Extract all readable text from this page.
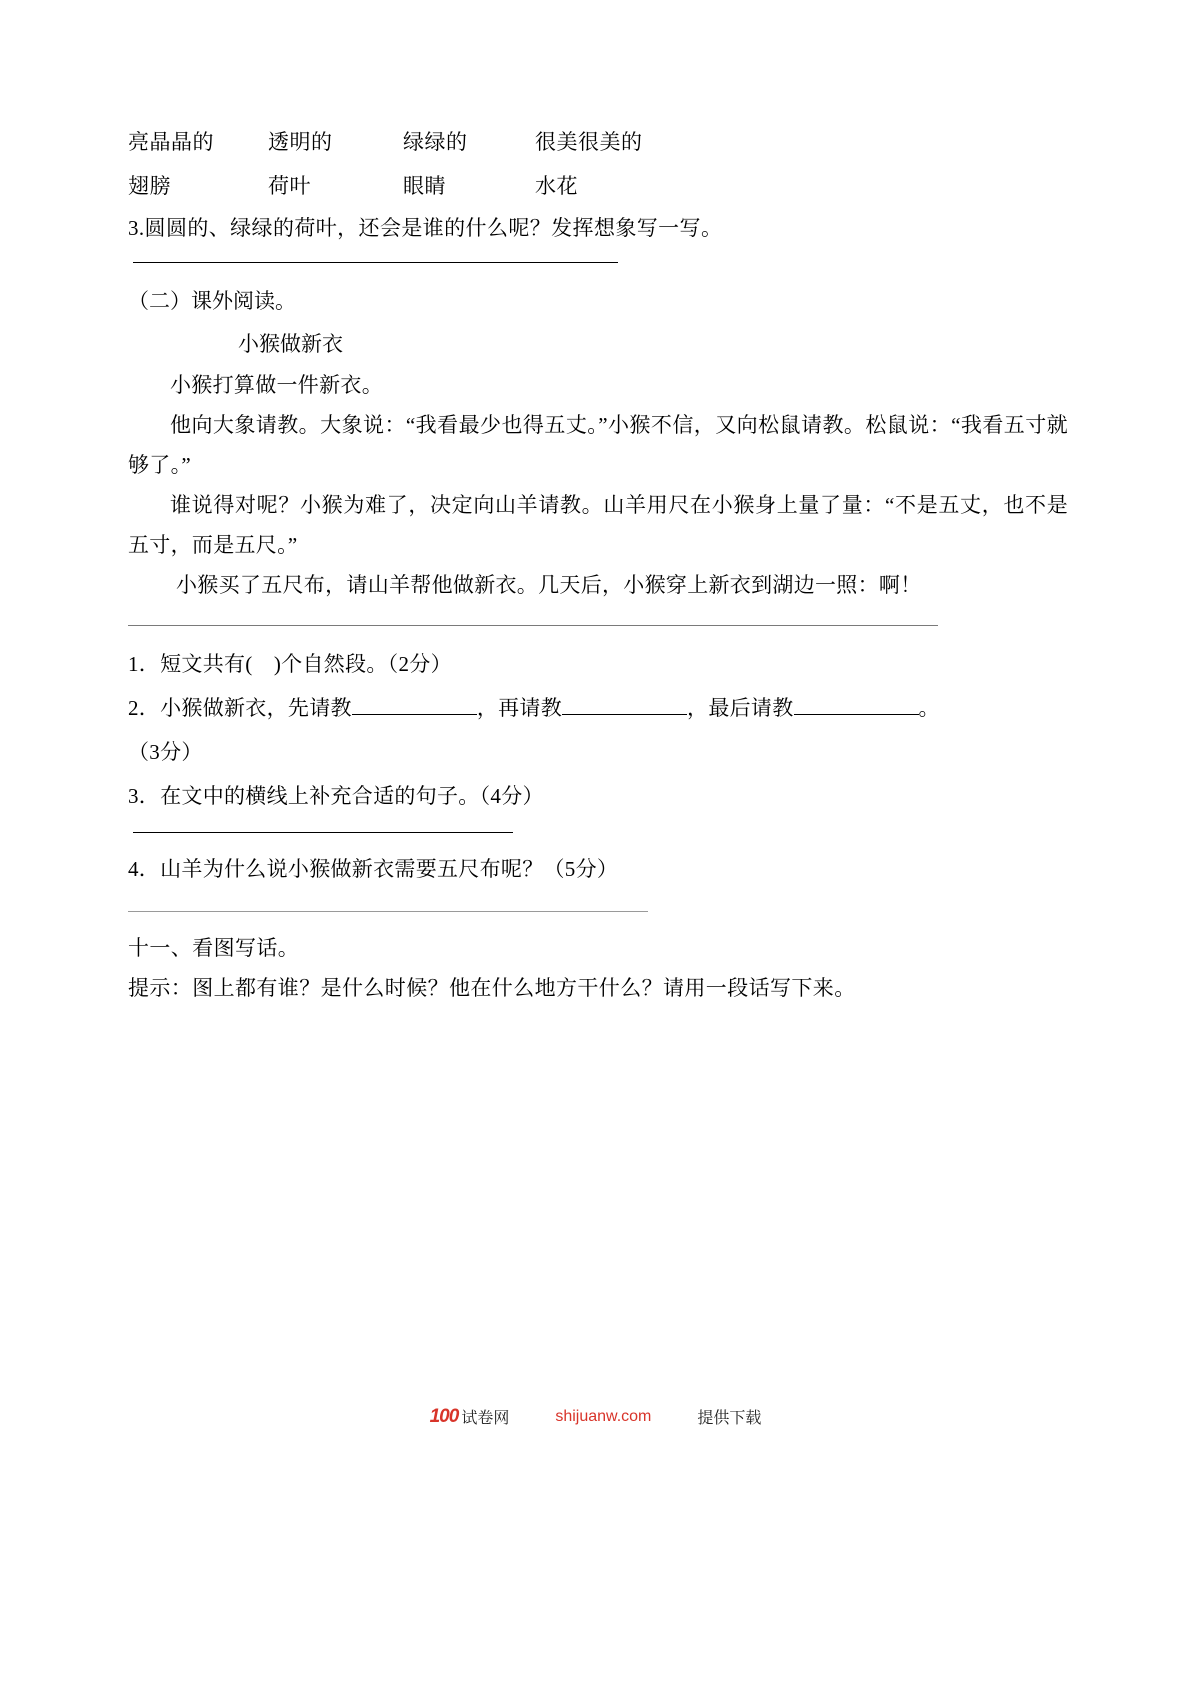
亮晶晶的	透明的	绿绿的	很美很美的
翅膀	荷叶	眼睛	水花
3.圆圆的、绿绿的荷叶，还会是谁的什么呢？发挥想象写一写。
（二）课外阅读。
小猴做新衣
小猴打算做一件新衣。
他向大象请教。大象说：“我看最少也得五丈。”小猴不信，又向松鼠请教。松鼠说：“我看五寸就够了。”
谁说得对呢？小猴为难了，决定向山羊请教。山羊用尺在小猴身上量了量：“不是五丈，也不是五寸，而是五尺。”
小猴买了五尺布，请山羊帮他做新衣。几天后，小猴穿上新衣到湖边一照：啊！
1．短文共有(　)个自然段。（2分）
2．小猴做新衣，先请教	，再请教	，最后请教	。
（3分）
3．在文中的横线上补充合适的句子。（4分）
4．山羊为什么说小猴做新衣需要五尺布呢？（5分）
十一、看图写话。
提示：图上都有谁？是什么时候？他在什么地方干什么？请用一段话写下来。
100 试卷网	shijuanw.com	提供下载
